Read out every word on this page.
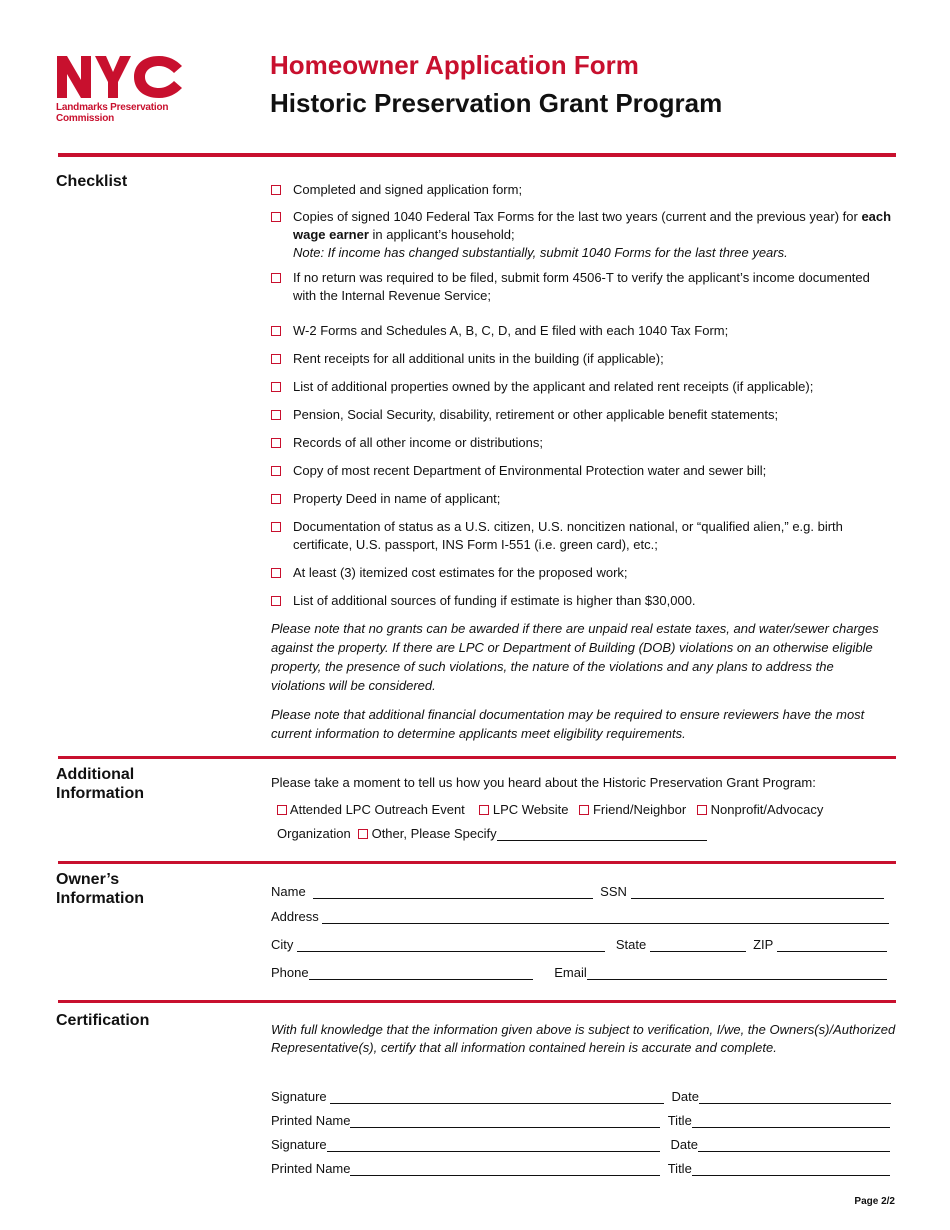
Landmarks Preservation
Commission
Homeowner Application Form
Historic Preservation Grant Program
Checklist	Completed and signed application form;
Copies of signed 1040 Federal Tax Forms for the last two years (current and the previous year) for each wage earner in applicant’s household;
Note: If income has changed substantially, submit 1040 Forms for the last three years.
If no return was required to be filed, submit form 4506-T to verify the applicant’s income documented with the Internal Revenue Service;
W-2 Forms and Schedules A, B, C, D, and E filed with each 1040 Tax Form;
Rent receipts for all additional units in the building (if applicable);
List of additional properties owned by the applicant and related rent receipts (if applicable);
Pension, Social Security, disability, retirement or other applicable benefit statements;
Records of all other income or distributions;
Copy of most recent Department of Environmental Protection water and sewer bill;
Property Deed in name of applicant;
Documentation of status as a U.S. citizen, U.S. noncitizen national, or “qualified alien,” e.g. birth certificate, U.S. passport, INS Form I-551 (i.e. green card), etc.;
At least (3) itemized cost estimates for the proposed work;
List of additional sources of funding if estimate is higher than $30,000.
Please note that no grants can be awarded if there are unpaid real estate taxes, and water/sewer charges against the property. If there are LPC or Department of Building (DOB) violations on an otherwise eligible property, the presence of such violations, the nature of the violations and any plans to address the violations will be considered.
Please note that additional financial documentation may be required to ensure reviewers have the most current information to determine applicants meet eligibility requirements.
Additional
Information
Please take a moment to tell us how you heard about the Historic Preservation Grant Program:
Attended LPC Outreach Event LPC Website Friend/Neighbor Nonprofit/Advocacy
Organization Other, Please Specify
Owner’s
Information	Name	SSN
Address
City	State	ZIP
Phone	Email
Certification
With full knowledge that the information given above is subject to verification, I/we, the Owners(s)/Authorized Representative(s), certify that all information contained herein is accurate and complete.
Signature	Date
Printed Name	Title
Signature	Date
Printed Name	Title
Page 2/2
